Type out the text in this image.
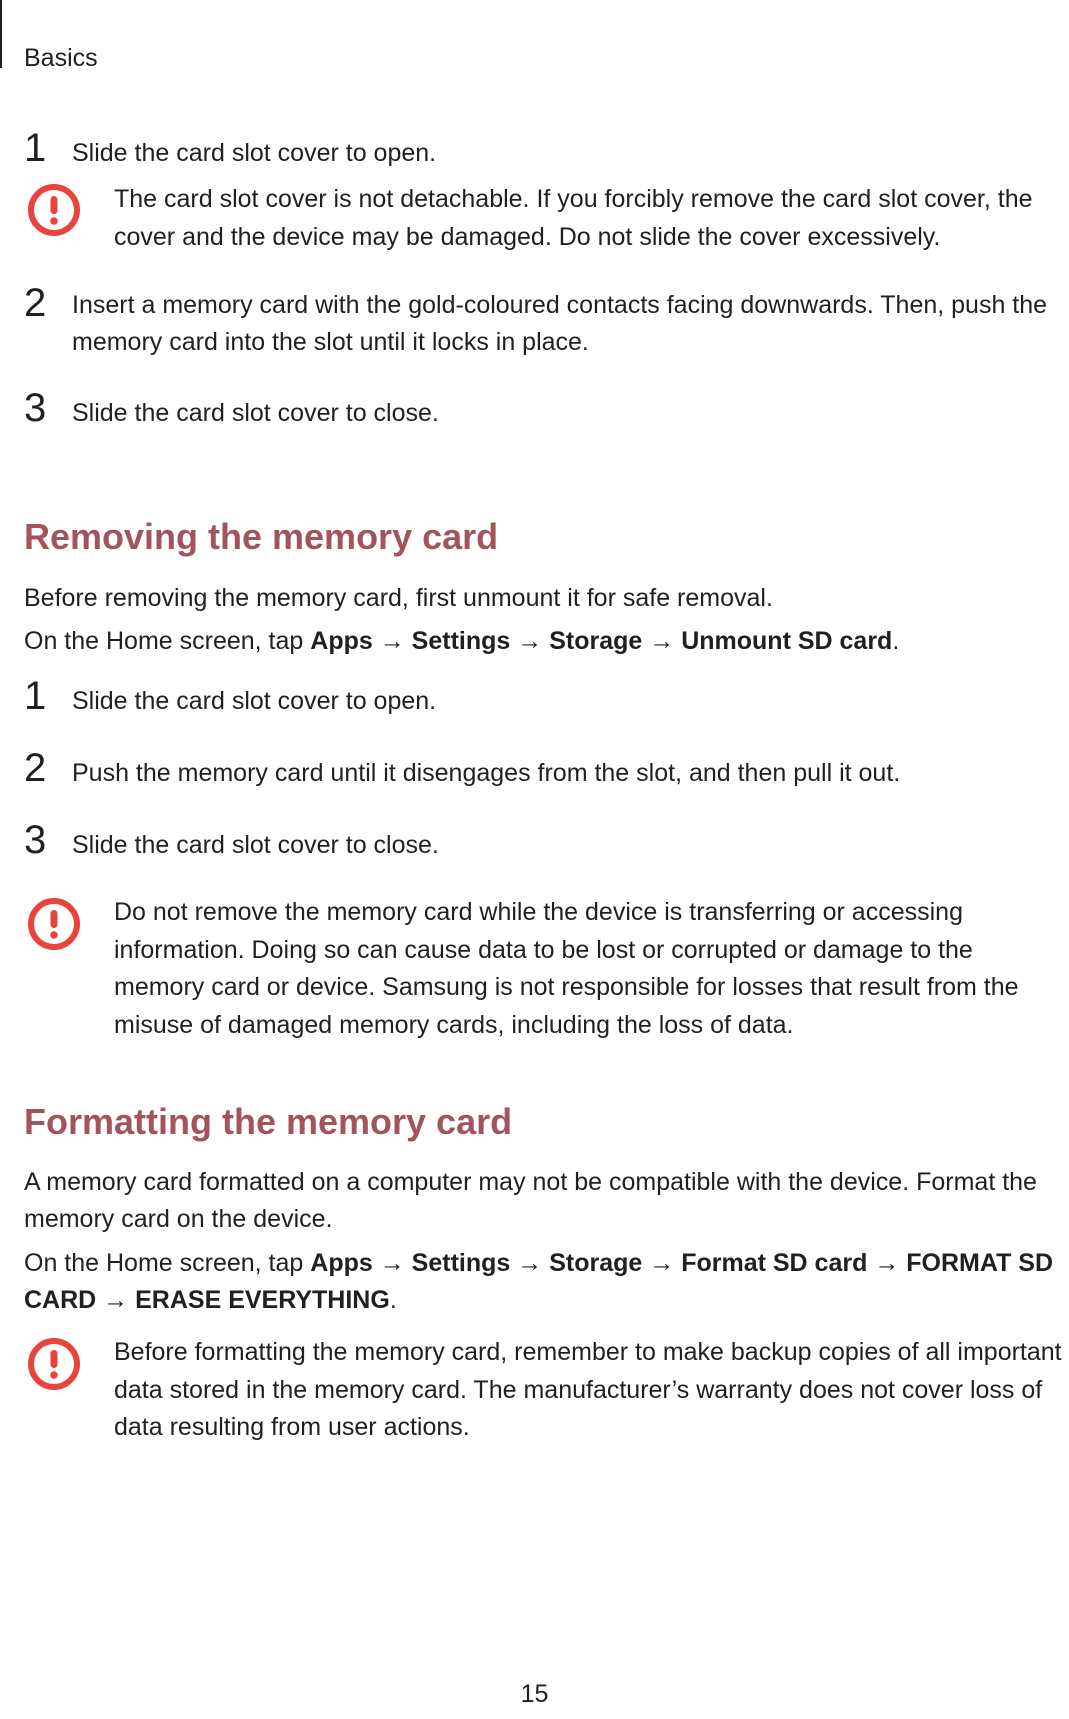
Basics
1 Slide the card slot cover to open.
The card slot cover is not detachable. If you forcibly remove the card slot cover, the cover and the device may be damaged. Do not slide the cover excessively.
2 Insert a memory card with the gold-coloured contacts facing downwards. Then, push the memory card into the slot until it locks in place.
3 Slide the card slot cover to close.
Removing the memory card
Before removing the memory card, first unmount it for safe removal.
On the Home screen, tap Apps → Settings → Storage → Unmount SD card.
1 Slide the card slot cover to open.
2 Push the memory card until it disengages from the slot, and then pull it out.
3 Slide the card slot cover to close.
Do not remove the memory card while the device is transferring or accessing information. Doing so can cause data to be lost or corrupted or damage to the memory card or device. Samsung is not responsible for losses that result from the misuse of damaged memory cards, including the loss of data.
Formatting the memory card
A memory card formatted on a computer may not be compatible with the device. Format the memory card on the device.
On the Home screen, tap Apps → Settings → Storage → Format SD card → FORMAT SD CARD → ERASE EVERYTHING.
Before formatting the memory card, remember to make backup copies of all important data stored in the memory card. The manufacturer’s warranty does not cover loss of data resulting from user actions.
15
